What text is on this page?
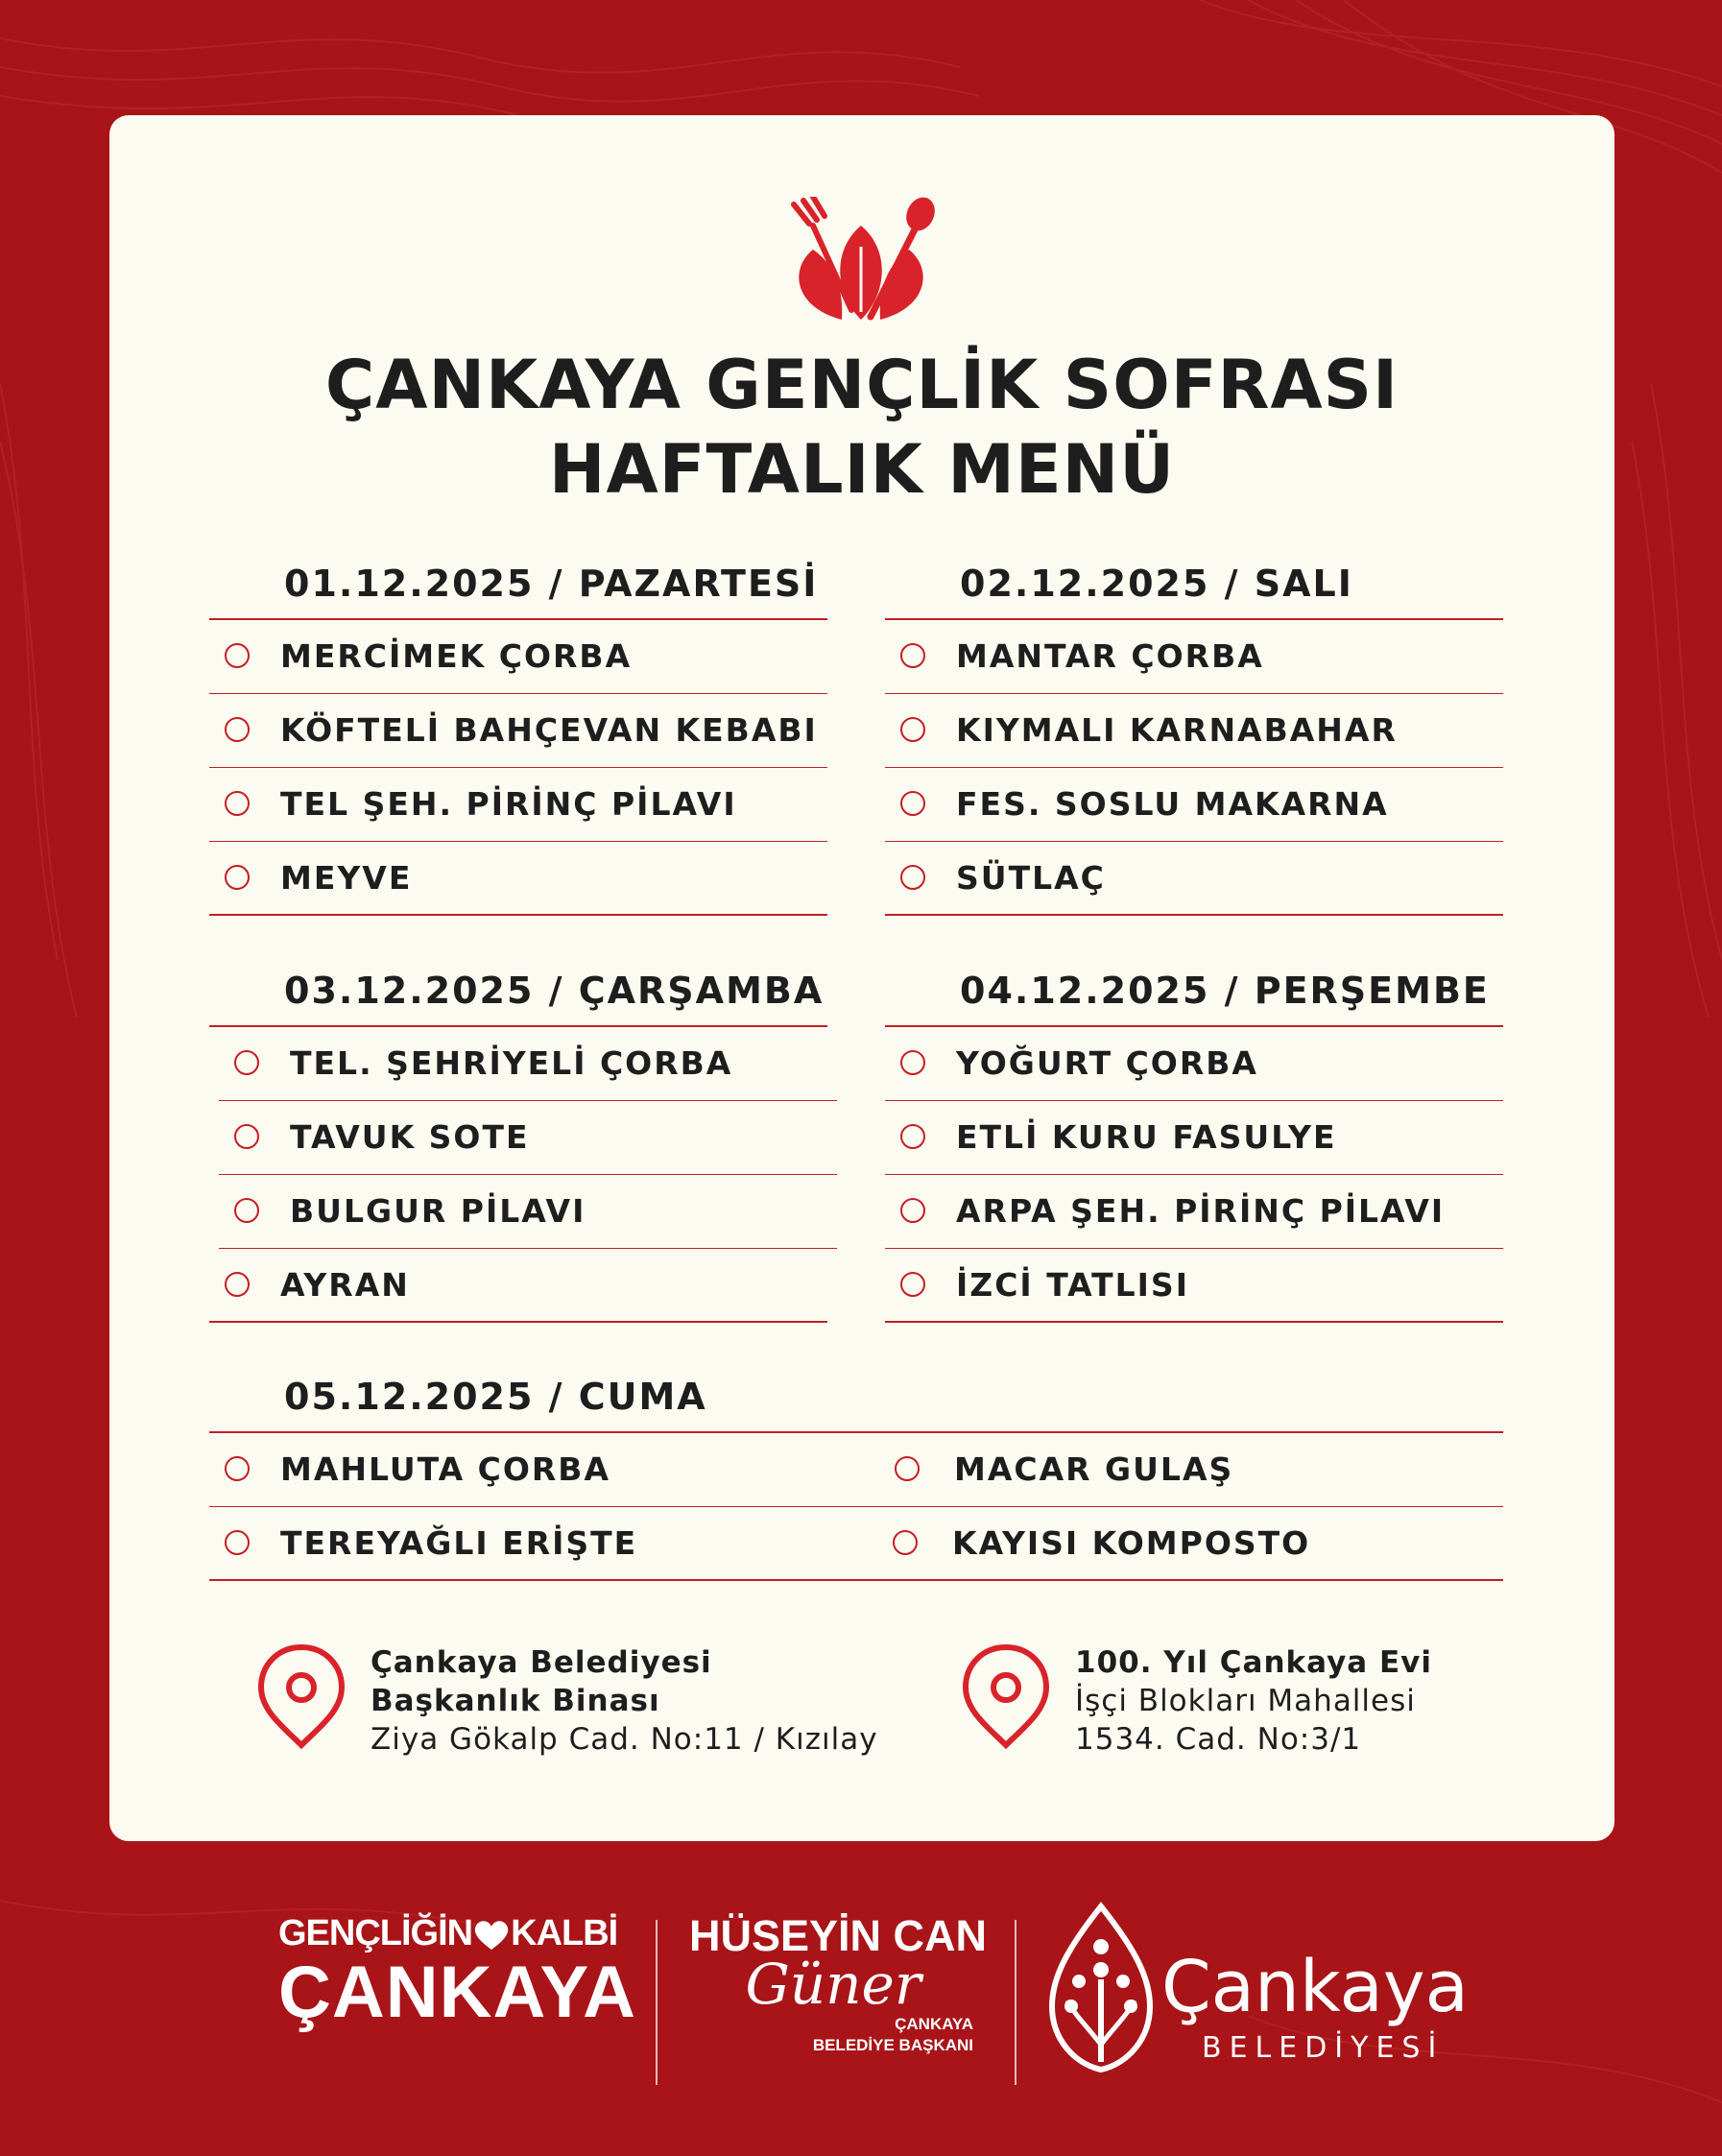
ÇANKAYA GENÇLİK SOFRASI
HAFTALIK MENÜ
01.12.2025 / PAZARTESİ
MERCİMEK ÇORBA
KÖFTELİ BAHÇEVAN KEBABI
TEL ŞEH. PİRİNÇ PİLAVI
MEYVE
02.12.2025 / SALI
MANTAR ÇORBA
KIYMALI KARNABAHAR
FES. SOSLU MAKARNA
SÜTLAÇ
03.12.2025 / ÇARŞAMBA
TEL. ŞEHRİYELİ ÇORBA
TAVUK SOTE
BULGUR PİLAVI
AYRAN
04.12.2025 / PERŞEMBE
YOĞURT ÇORBA
ETLİ KURU FASULYE
ARPA ŞEH. PİRİNÇ PİLAVI
İZCİ TATLISI
05.12.2025 / CUMA
MAHLUTA ÇORBA	MACAR GULAŞ
TEREYAĞLI ERİŞTE	KAYISI KOMPOSTO
Çankaya Belediyesi
Başkanlık Binası
Ziya Gökalp Cad. No:11 / Kızılay
100. Yıl Çankaya Evi
İşçi Blokları Mahallesi
1534. Cad. No:3/1
GENÇLİĞİN KALBİ
ÇANKAYA
HÜSEYİN CAN
Güner
ÇANKAYA
BELEDİYE BAŞKANI
Çankaya
BELEDİYESİ
